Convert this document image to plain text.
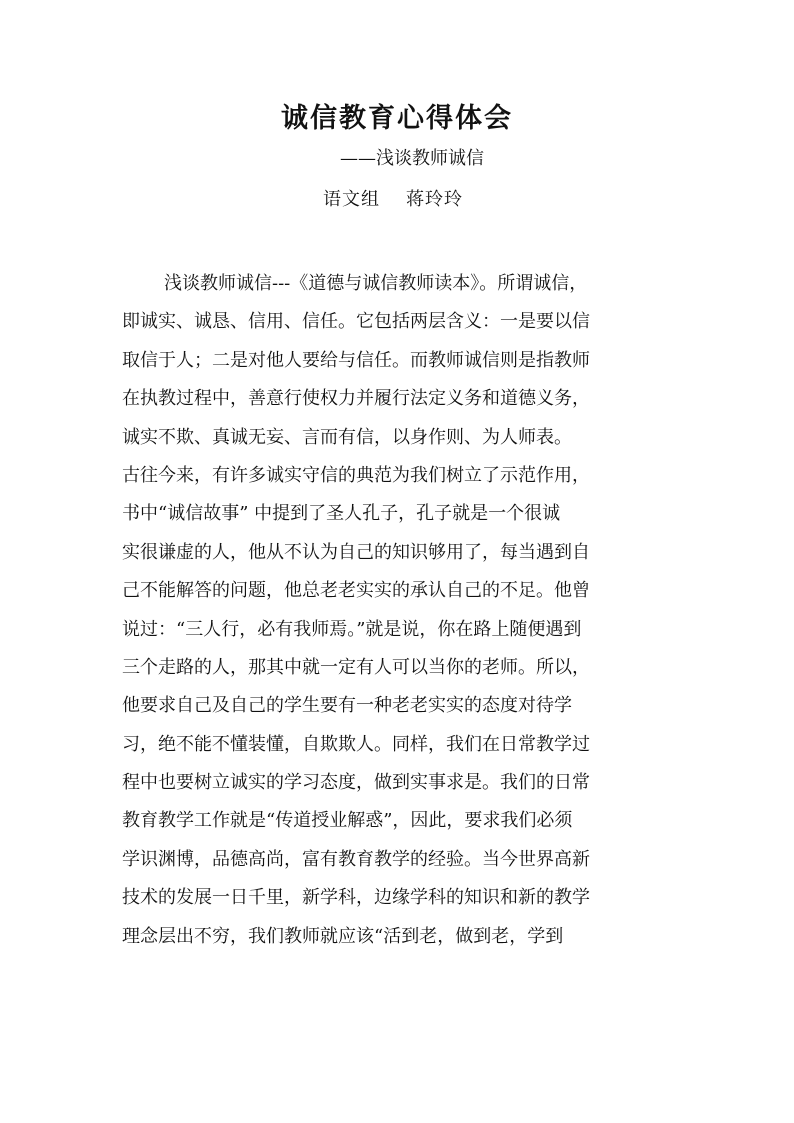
诚信教育心得体会
——浅谈教师诚信
语文组 蒋玲玲
浅谈教师诚信---《道德与诚信教师读本》。所谓诚信，
即诚实、诚恳、信用、信任。它包括两层含义：一是要以信
取信于人；二是对他人要给与信任。而教师诚信则是指教师
在执教过程中，善意行使权力并履行法定义务和道德义务，
诚实不欺、真诚无妄、言而有信，以身作则、为人师表。
古往今来，有许多诚实守信的典范为我们树立了示范作用，
书中“诚信故事” 中提到了圣人孔子，孔子就是一个很诚
实很谦虚的人，他从不认为自己的知识够用了，每当遇到自
己不能解答的问题，他总老老实实的承认自己的不足。他曾
说过：“三人行，必有我师焉。”就是说，你在路上随便遇到
三个走路的人，那其中就一定有人可以当你的老师。所以，
他要求自己及自己的学生要有一种老老实实的态度对待学
习，绝不能不懂装懂，自欺欺人。同样，我们在日常教学过
程中也要树立诚实的学习态度，做到实事求是。我们的日常
教育教学工作就是“传道授业解惑”，因此，要求我们必须
学识渊博，品德高尚，富有教育教学的经验。当今世界高新
技术的发展一日千里，新学科，边缘学科的知识和新的教学
理念层出不穷，我们教师就应该“活到老，做到老，学到
